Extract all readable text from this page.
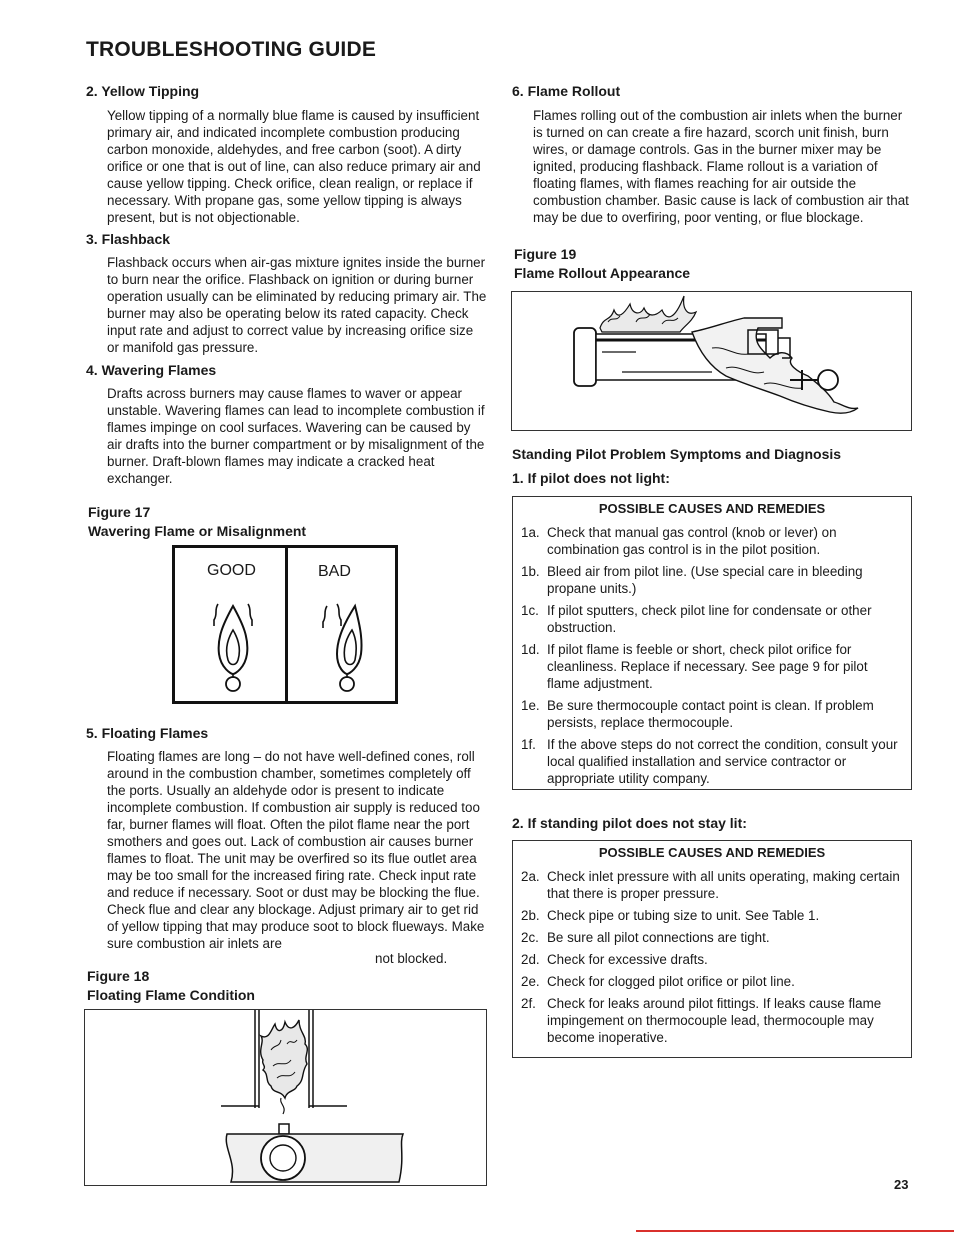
TROUBLESHOOTING GUIDE

2. Yellow Tipping

Yellow tipping of a normally blue flame is caused by insufficient primary air, and indicated incomplete combustion producing carbon monoxide, aldehydes, and free carbon (soot). A dirty orifice or one that is out of line, can also reduce primary air and cause yellow tipping. Check orifice, clean realign, or replace if necessary. With propane gas, some yellow tipping is always present, but is not objectionable.

3. Flashback

Flashback occurs when air-gas mixture ignites inside the burner to burn near the orifice. Flashback on ignition or during burner operation usually can be eliminated by reducing primary air. The burner may also be operating below its rated capacity. Check input rate and adjust to correct value by increasing orifice size or manifold gas pressure.

4. Wavering Flames

Drafts across burners may cause flames to waver or appear unstable. Wavering flames can lead to incomplete combustion if flames impinge on cool surfaces. Wavering can be caused by air drafts into the burner compartment or by misalignment of the burner. Draft-blown flames may indicate a cracked heat exchanger.

Figure 17

Wavering Flame or Misalignment

GOOD	BAD

5. Floating Flames

Floating flames are long – do not have well-defined cones, roll around in the combustion chamber, sometimes completely off the ports. Usually an aldehyde odor is present to indicate incomplete combustion. If combustion air supply is reduced too far, burner flames will float. Often the pilot flame near the port smothers and goes out. Lack of combustion air causes burner flames to float. The unit may be overfired so its flue outlet area may be too small for the increased firing rate. Check input rate and reduce if necessary. Soot or dust may be blocking the flue. Check flue and clear any blockage. Adjust primary air to get rid of yellow tipping that may produce soot to block flueways. Make sure combustion air inlets are

not blocked.

Figure 18

Floating Flame Condition

6. Flame Rollout

Flames rolling out of the combustion air inlets when the burner is turned on can create a fire hazard, scorch unit finish, burn wires, or damage controls. Gas in the burner mixer may be ignited, producing flashback. Flame rollout is a variation of floating flames, with flames reaching for air outside the combustion chamber. Basic cause is lack of combustion air that may be due to overfiring, poor venting, or flue blockage.

Figure 19

Flame Rollout Appearance

Standing Pilot Problem Symptoms and Diagnosis

1. If pilot does not light:

POSSIBLE CAUSES AND REMEDIES
1a. Check that manual gas control (knob or lever) on combination gas control is in the pilot position.
1b. Bleed air from pilot line. (Use special care in bleeding propane units.)
1c. If pilot sputters, check pilot line for condensate or other obstruction.
1d. If pilot flame is feeble or short, check pilot orifice for cleanliness. Replace if necessary. See page 9 for pilot flame adjustment.
1e. Be sure thermocouple contact point is clean. If problem persists, replace thermocouple.
1f. If the above steps do not correct the condition, consult your local qualified installation and service contractor or appropriate utility company.

2. If standing pilot does not stay lit:

POSSIBLE CAUSES AND REMEDIES
2a. Check inlet pressure with all units operating, making certain that there is proper pressure.
2b. Check pipe or tubing size to unit. See Table 1.
2c. Be sure all pilot connections are tight.
2d. Check for excessive drafts.
2e. Check for clogged pilot orifice or pilot line.
2f. Check for leaks around pilot fittings. If leaks cause flame impingement on thermocouple lead, thermocouple may become inoperative.
23
